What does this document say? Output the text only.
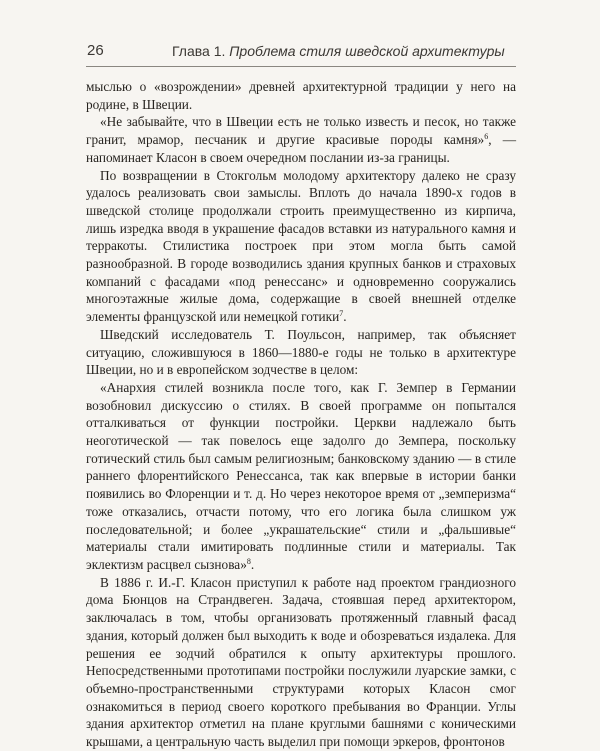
26	Глава 1. Проблема стиля шведской архитектуры

мыслью о «возрождении» древней архитектурной традиции у него на родине, в Швеции.

«Не забывайте, что в Швеции есть не только известь и песок, но также гранит, мрамор, песчаник и другие красивые породы камня»$^6$, — напоминает Класон в своем очередном послании из-за границы.

По возвращении в Стокгольм молодому архитектору далеко не сразу удалось реализовать свои замыслы. Вплоть до начала 1890-х годов в шведской столице продолжали строить преимущественно из кирпича, лишь изредка вводя в украшение фасадов вставки из натурального камня и терракоты. Стилистика построек при этом могла быть самой разнообразной. В городе возводились здания крупных банков и страховых компаний с фасадами «под ренессанс» и одновременно сооружались многоэтажные жилые дома, содержащие в своей внешней отделке элементы французской или немецкой готики$^7$.

Шведский исследователь Т. Поульсон, например, так объясняет ситуацию, сложившуюся в 1860—1880-е годы не только в архитектуре Швеции, но и в европейском зодчестве в целом:

«Анархия стилей возникла после того, как Г. Земпер в Германии возобновил дискуссию о стилях. В своей программе он попытался отталкиваться от функции постройки. Церкви надлежало быть неоготической — так повелось еще задолго до Земпера, поскольку готический стиль был самым религиозным; банковскому зданию — в стиле раннего флорентийского Ренессанса, так как впервые в истории банки появились во Флоренции и т. д. Но через некоторое время от „земперизма“ тоже отказались, отчасти потому, что его логика была слишком уж последовательной; и более „украшательские“ стили и „фальшивые“ материалы стали имитировать подлинные стили и материалы. Так эклектизм расцвел сызнова»$^8$.

В 1886 г. И.-Г. Класон приступил к работе над проектом грандиозного дома Бюнцов на Страндвеген. Задача, стоявшая перед архитектором, заключалась в том, чтобы организовать протяженный главный фасад здания, который должен был выходить к воде и обозреваться издалека. Для решения ее зодчий обратился к опыту архитектуры прошлого. Непосредственными прототипами постройки послужили луарские замки, с объемно-пространственными структурами которых Класон смог ознакомиться в период своего короткого пребывания во Франции. Углы здания архитектор отметил на плане круглыми башнями с коническими крышами, а центральную часть выделил при помощи эркеров, фронтонов
